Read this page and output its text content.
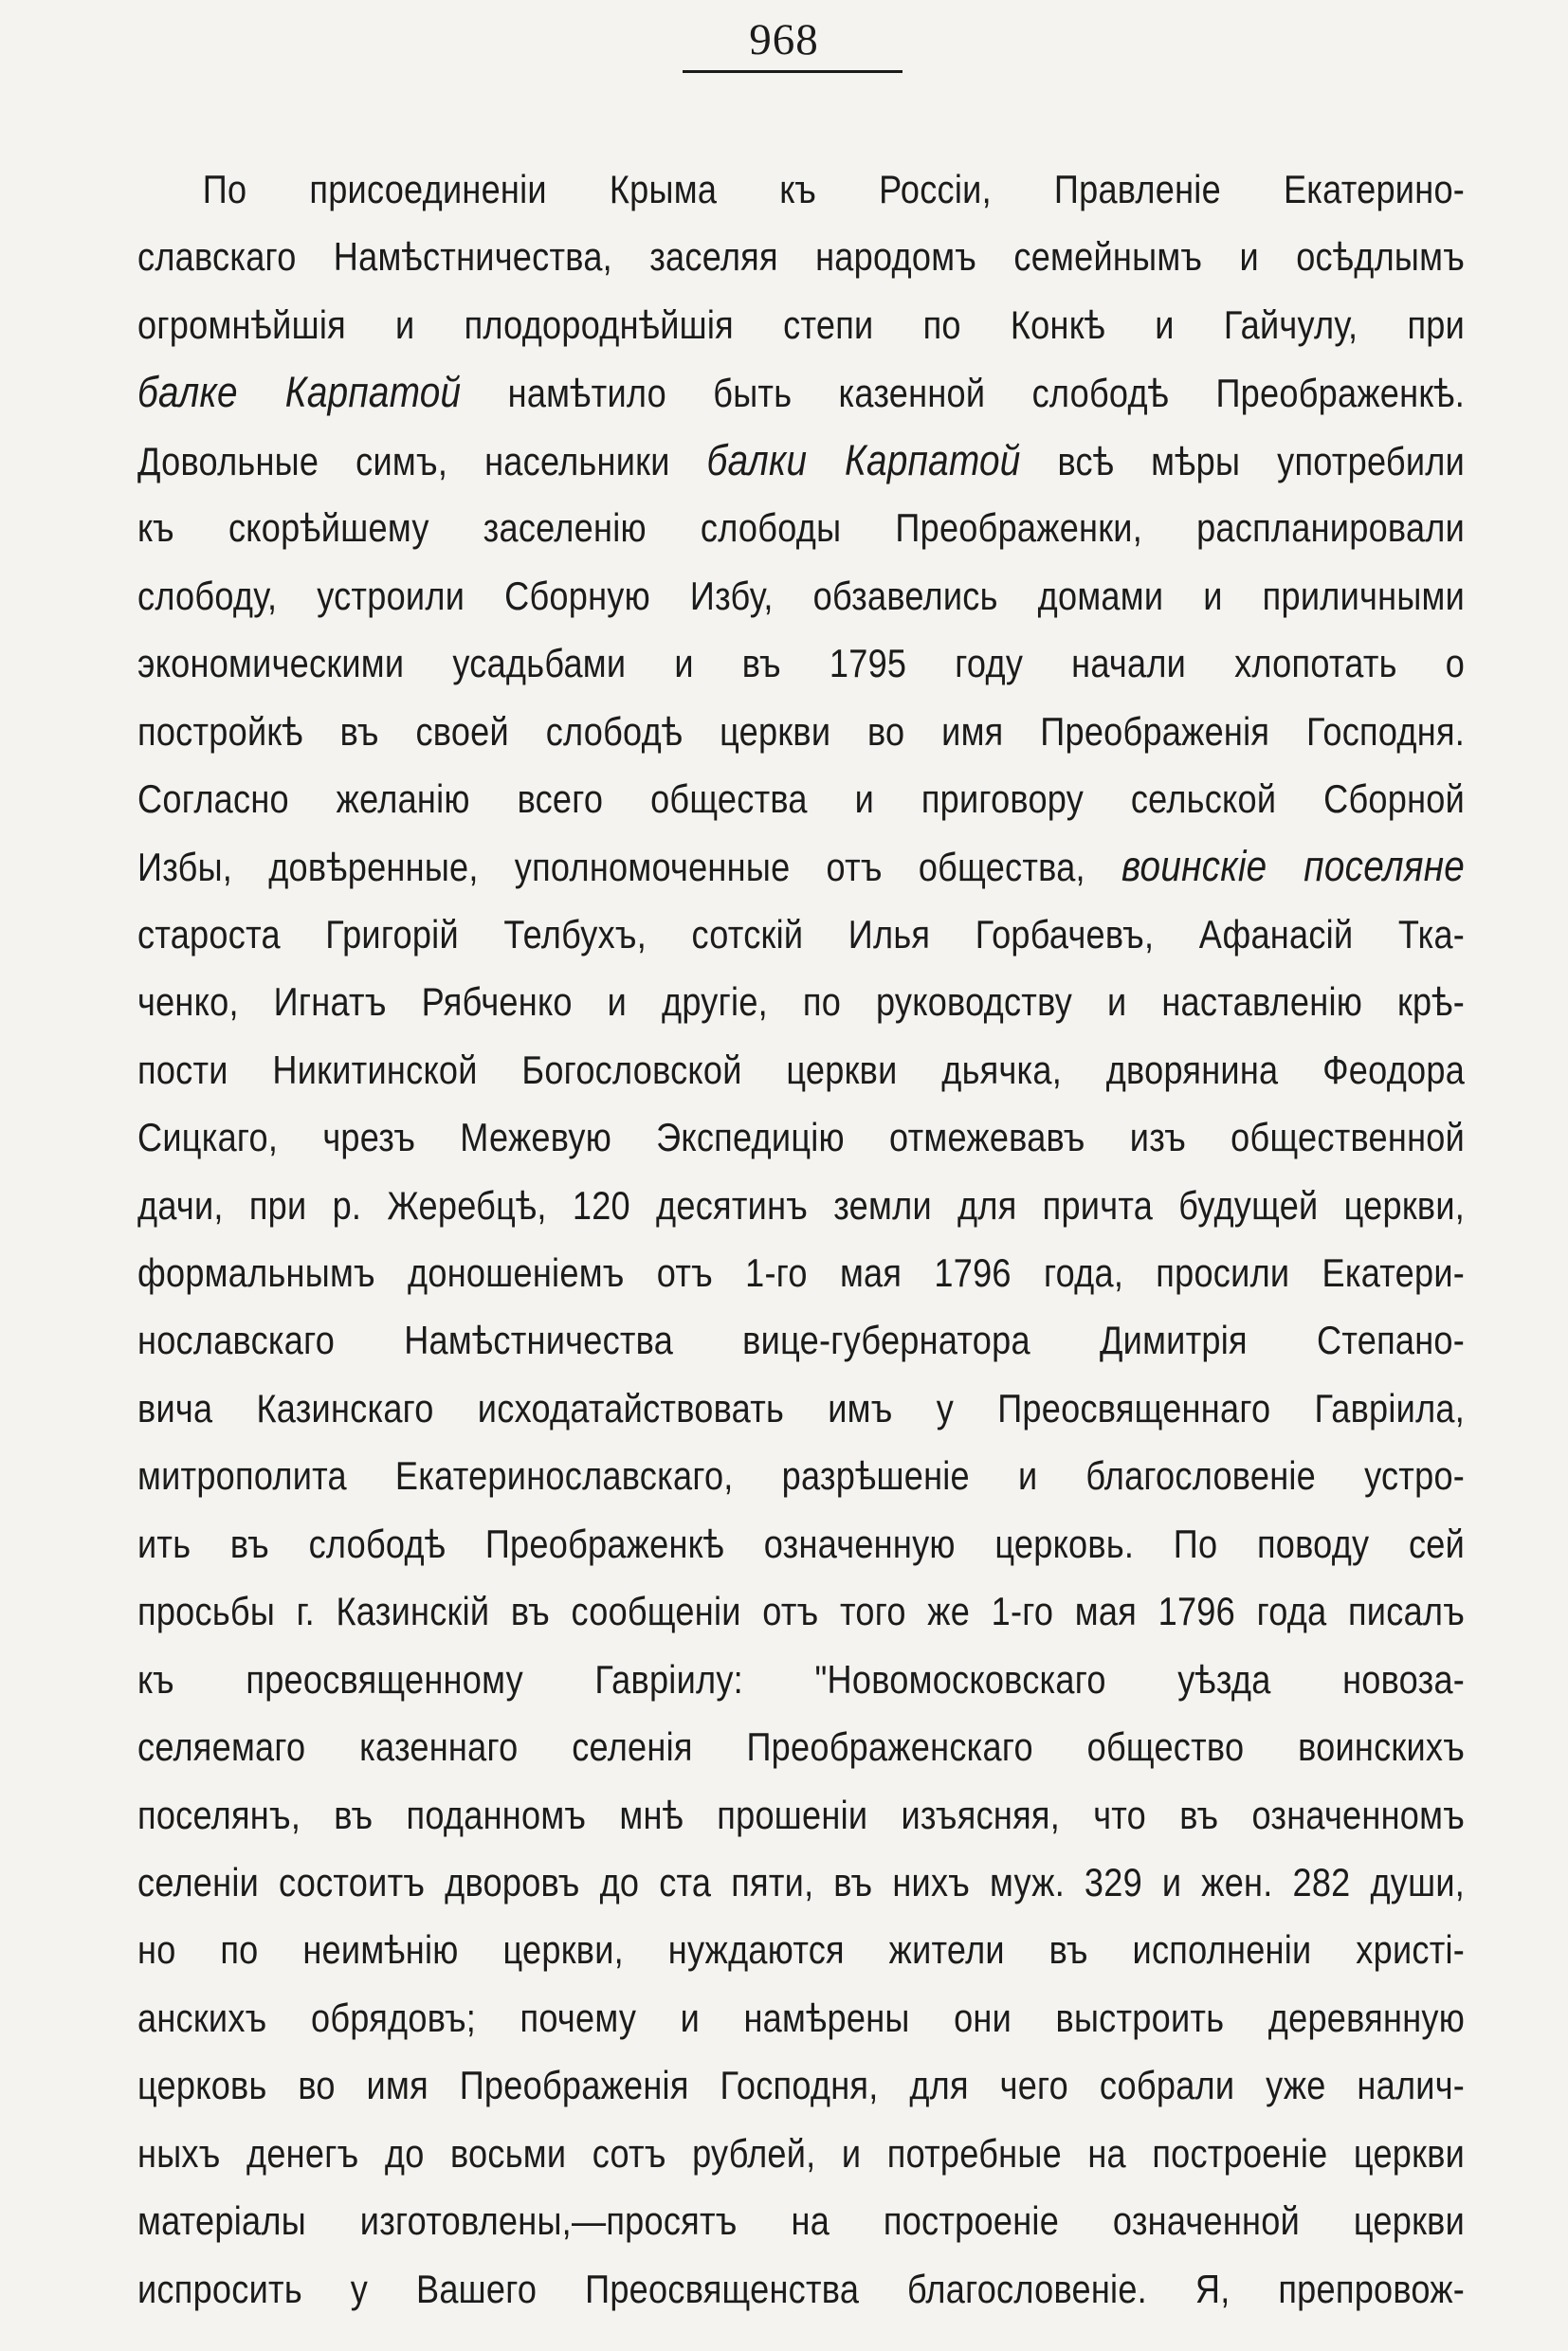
968
По присоединеніи Крыма къ Россіи, Правленіе Екатерино-
славскаго Намѣстничества, заселяя народомъ семейнымъ и осѣдлымъ
огромнѣйшія и плодороднѣйшія степи по Конкѣ и Гайчулу, при
балке Карпатой намѣтило быть казенной слободѣ Преображенкѣ.
Довольные симъ, насельники балки Карпатой всѣ мѣры употребили
къ скорѣйшему заселенію слободы Преображенки, распланировали
слободу, устроили Сборную Избу, обзавелись домами и приличными
экономическими усадьбами и въ 1795 году начали хлопотать о
постройкѣ въ своей слободѣ церкви во имя Преображенія Господня.
Согласно желанію всего общества и приговору сельской Сборной
Избы, довѣренные, уполномоченные отъ общества, воинскіе поселяне
староста Григорій Телбухъ, сотскій Илья Горбачевъ, Афанасій Тка-
ченко, Игнатъ Рябченко и другіе, по руководству и наставленію крѣ-
пости Никитинской Богословской церкви дьячка, дворянина Феодора
Сицкаго, чрезъ Межевую Экспедицію отмежевавъ изъ общественной
дачи, при р. Жеребцѣ, 120 десятинъ земли для причта будущей церкви,
формальнымъ доношеніемъ отъ 1-го мая 1796 года, просили Екатери-
нославскаго Намѣстничества вице-губернатора Димитрія Степано-
вича Казинскаго исходатайствовать имъ у Преосвященнаго Гавріила,
митрополита Екатеринославскаго, разрѣшеніе и благословеніе устро-
ить въ слободѣ Преображенкѣ означенную церковь. По поводу сей
просьбы г. Казинскій въ сообщеніи отъ того же 1-го мая 1796 года писалъ
къ преосвященному Гавріилу: "Новомосковскаго уѣзда новоза-
селяемаго казеннаго селенія Преображенскаго общество воинскихъ
поселянъ, въ поданномъ мнѣ прошеніи изъясняя, что въ означенномъ
селеніи состоитъ дворовъ до ста пяти, въ нихъ муж. 329 и жен. 282 души,
но по неимѣнію церкви, нуждаются жители въ исполненіи христі-
анскихъ обрядовъ; почему и намѣрены они выстроить деревянную
церковь во имя Преображенія Господня, для чего собрали уже налич-
ныхъ денегъ до восьми сотъ рублей, и потребные на построеніе церкви
матеріалы изготовлены,—просятъ на построеніе означенной церкви
испросить у Вашего Преосвященства благословеніе. Я, препровож-
